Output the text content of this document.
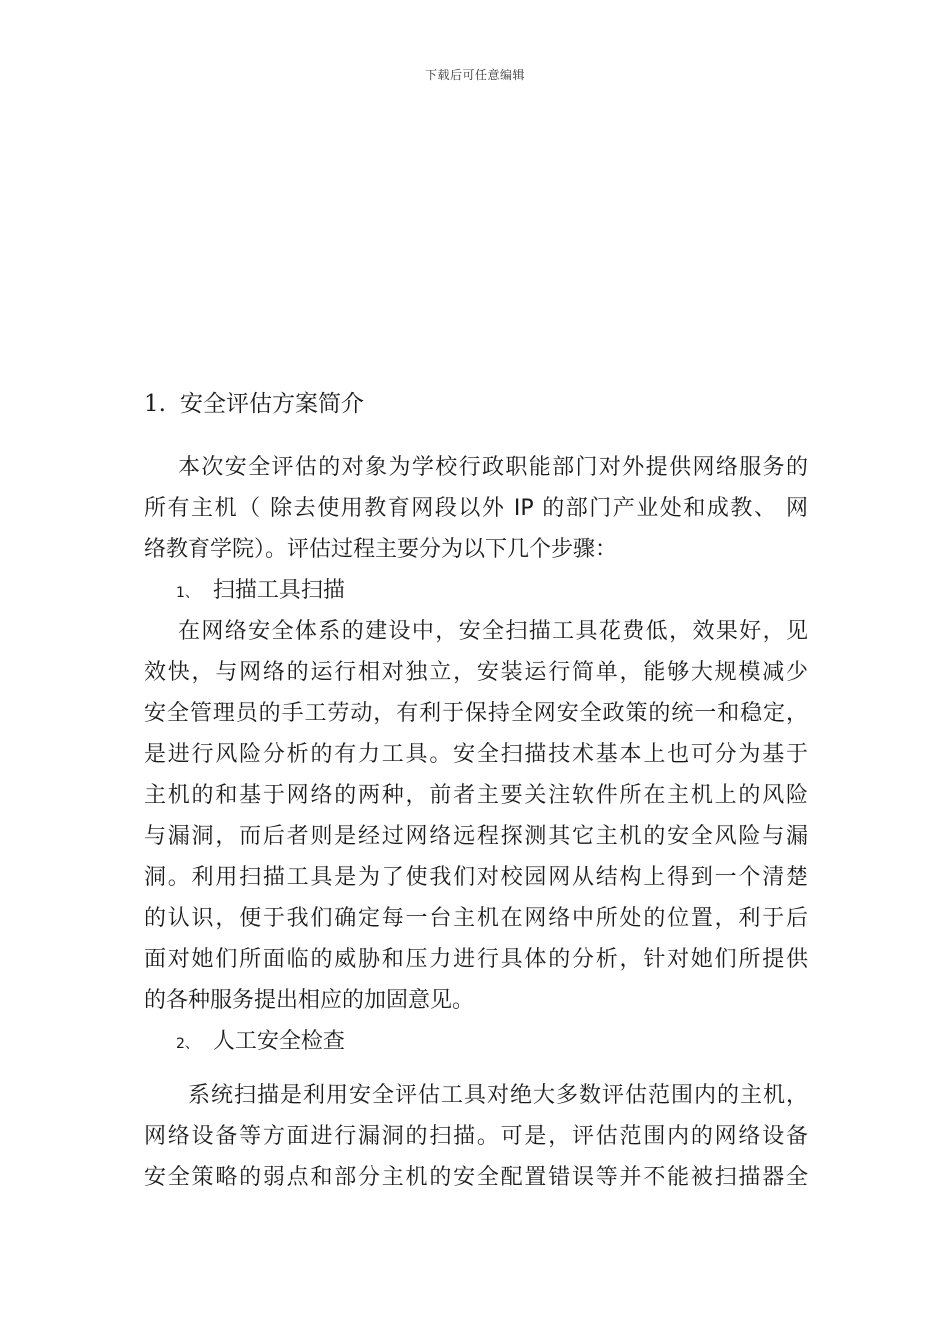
下载后可任意编辑
1. 安全评估方案简介
本次安全评估的对象为学校行政职能部门对外提供网络服务的
所有主机（ 除去使用教育网段以外 IP 的部门产业处和成教、 网
络教育学院）。评估过程主要分为以下几个步骤：
1、 扫描工具扫描
在网络安全体系的建设中，安全扫描工具花费低，效果好，见
效快，与网络的运行相对独立，安装运行简单，能够大规模减少
安全管理员的手工劳动，有利于保持全网安全政策的统一和稳定，
是进行风险分析的有力工具。安全扫描技术基本上也可分为基于
主机的和基于网络的两种，前者主要关注软件所在主机上的风险
与漏洞，而后者则是经过网络远程探测其它主机的安全风险与漏
洞。利用扫描工具是为了使我们对校园网从结构上得到一个清楚
的认识，便于我们确定每一台主机在网络中所处的位置，利于后
面对她们所面临的威胁和压力进行具体的分析，针对她们所提供
的各种服务提出相应的加固意见。
2、 人工安全检查
系统扫描是利用安全评估工具对绝大多数评估范围内的主机，
网络设备等方面进行漏洞的扫描。可是，评估范围内的网络设备
安全策略的弱点和部分主机的安全配置错误等并不能被扫描器全
